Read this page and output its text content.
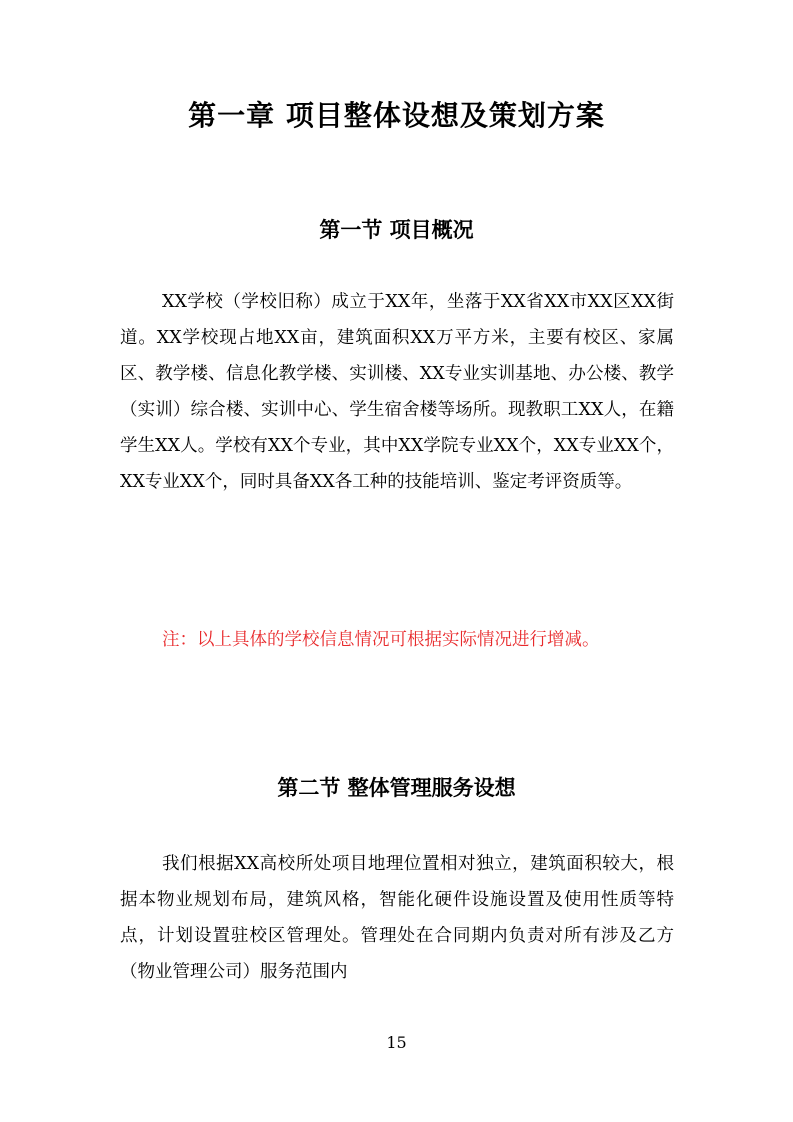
第一章 项目整体设想及策划方案
第一节 项目概况

XX学校（学校旧称）成立于XX年，坐落于XX省XX市XX区XX街道。XX学校现占地XX亩，建筑面积XX万平方米，主要有校区、家属区、教学楼、信息化教学楼、实训楼、XX专业实训基地、办公楼、教学（实训）综合楼、实训中心、学生宿舍楼等场所。现教职工XX人，在籍学生XX人。学校有XX个专业，其中XX学院专业XX个，XX专业XX个，XX专业XX个，同时具备XX各工种的技能培训、鉴定考评资质等。

注：以上具体的学校信息情况可根据实际情况进行增减。

第二节 整体管理服务设想

我们根据XX高校所处项目地理位置相对独立，建筑面积较大，根据本物业规划布局，建筑风格，智能化硬件设施设置及使用性质等特点，计划设置驻校区管理处。管理处在合同期内负责对所有涉及乙方（物业管理公司）服务范围内

15
